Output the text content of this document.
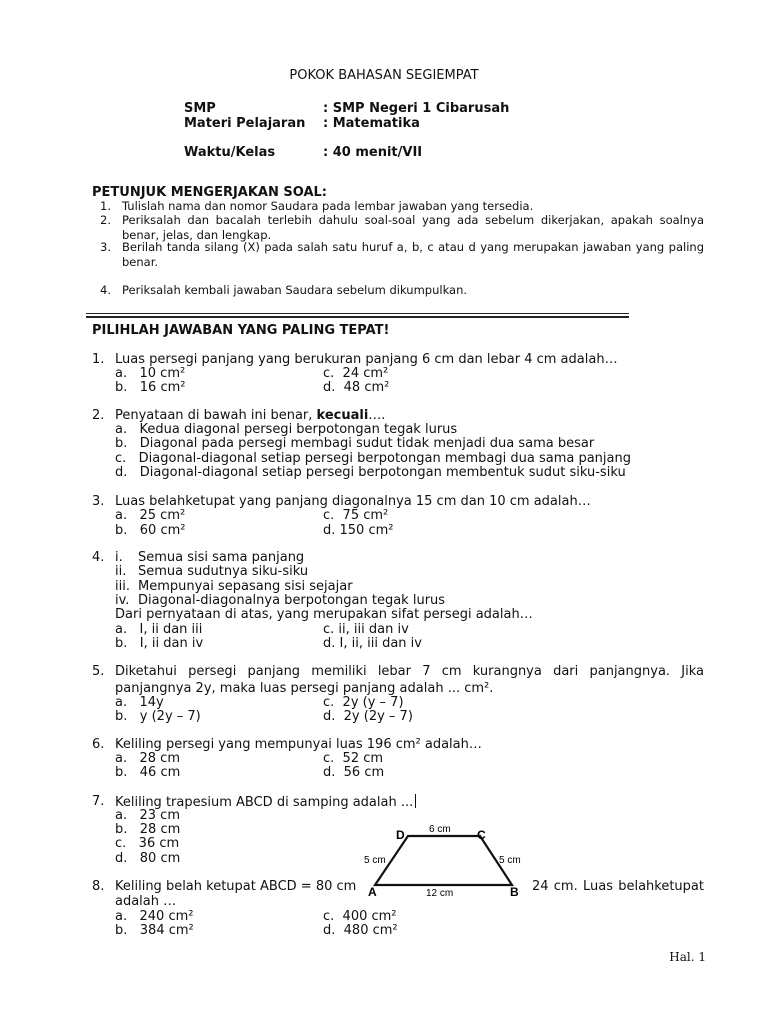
POKOK BAHASAN SEGIEMPAT
SMP	: SMP Negeri 1 Cibarusah
Materi Pelajaran : Matematika
Waktu/Kelas	: 40 menit/VII
PETUNJUK MENGERJAKAN SOAL:
1. Tulislah nama dan nomor Saudara pada lembar jawaban yang tersedia.
2. Periksalah dan bacalah terlebih dahulu soal-soal yang ada sebelum dikerjakan, apakah soalnya benar, jelas, dan lengkap.
3. Berilah tanda silang (X) pada salah satu huruf a, b, c atau d yang merupakan jawaban yang paling benar.
4. Periksalah kembali jawaban Saudara sebelum dikumpulkan.
PILIHLAH JAWABAN YANG PALING TEPAT!
1. Luas persegi panjang yang berukuran panjang 6 cm dan lebar 4 cm adalah…
a.   10 cm²	c.  24 cm²
b.   16 cm²	d.  48 cm²
2. Penyataan di bawah ini benar, kecuali….
a.   Kedua diagonal persegi berpotongan tegak lurus
b.   Diagonal pada persegi membagi sudut tidak menjadi dua sama besar
c.   Diagonal-diagonal setiap persegi berpotongan membagi dua sama panjang
d.   Diagonal-diagonal setiap persegi berpotongan membentuk sudut siku-siku
3. Luas belahketupat yang panjang diagonalnya 15 cm dan 10 cm adalah…
a.   25 cm²	c.  75 cm²
b.   60 cm²	d. 150 cm²
4. i. Semua sisi sama panjang
ii. Semua sudutnya siku-siku
iii. Mempunyai sepasang sisi sejajar
iv. Diagonal-diagonalnya berpotongan tegak lurus
Dari pernyataan di atas, yang merupakan sifat persegi adalah…
a.   I, ii dan iii	c. ii, iii dan iv
b.   I, ii dan iv	d. I, ii, iii dan iv
5. Diketahui persegi panjang memiliki lebar 7 cm kurangnya dari panjangnya. Jika
panjangnya 2y, maka luas persegi panjang adalah ... cm².
a.   14y	c.  2y (y – 7)
b.   y (2y – 7)	d.  2y (2y – 7)
6. Keliling persegi yang mempunyai luas 196 cm² adalah…
a.   28 cm	c.  52 cm
b.   46 cm	d.  56 cm
7. Keliling trapesium ABCD di samping adalah ...
a.   23 cm
b.   28 cm
c.   36 cm
d.   80 cm
D	C
A	B
6 cm
12 cm
5 cm	5 cm
8. Keliling belah ketupat ABCD = 80 cm	24 cm. Luas belahketupat
adalah …
a.   240 cm²	c.  400 cm²
b.   384 cm²	d.  480 cm²
Hal. 1
